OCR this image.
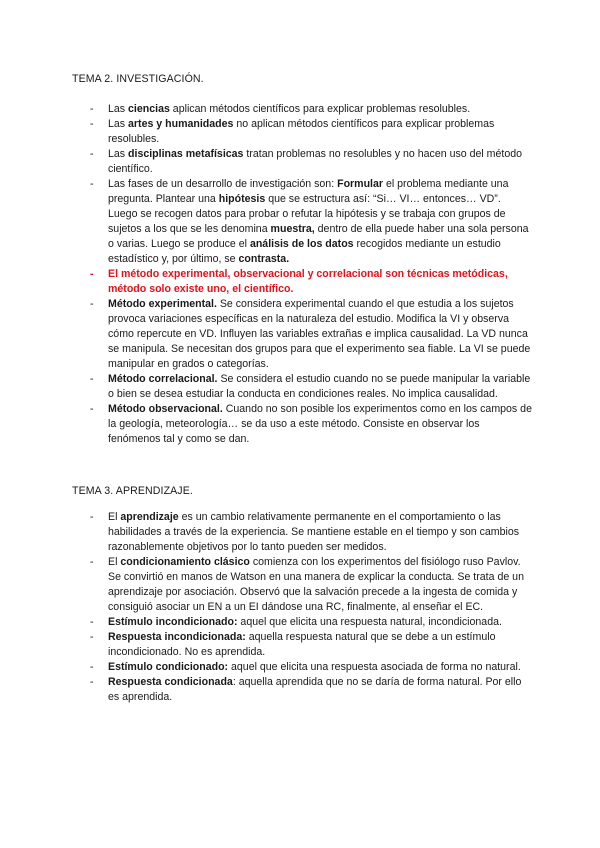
TEMA 2. INVESTIGACIÓN.
- Las ciencias aplican métodos científicos para explicar problemas resolubles.
- Las artes y humanidades no aplican métodos científicos para explicar problemas resolubles.
- Las disciplinas metafísicas tratan problemas no resolubles y no hacen uso del método científico.
- Las fases de un desarrollo de investigación son: Formular el problema mediante una pregunta. Plantear una hipótesis que se estructura así: “Si… VI… entonces… VD”. Luego se recogen datos para probar o refutar la hipótesis y se trabaja con grupos de sujetos a los que se les denomina muestra, dentro de ella puede haber una sola persona o varias. Luego se produce el análisis de los datos recogidos mediante un estudio estadístico y, por último, se contrasta.
- El método experimental, observacional y correlacional son técnicas metódicas, método solo existe uno, el científico.
- Método experimental. Se considera experimental cuando el que estudia a los sujetos provoca variaciones específicas en la naturaleza del estudio. Modifica la VI y observa cómo repercute en VD. Influyen las variables extrañas e implica causalidad. La VD nunca se manipula. Se necesitan dos grupos para que el experimento sea fiable. La VI se puede manipular en grados o categorías.
- Método correlacional. Se considera el estudio cuando no se puede manipular la variable o bien se desea estudiar la conducta en condiciones reales. No implica causalidad.
- Método observacional. Cuando no son posible los experimentos como en los campos de la geología, meteorología… se da uso a este método. Consiste en observar los fenómenos tal y como se dan.
TEMA 3. APRENDIZAJE.
- El aprendizaje es un cambio relativamente permanente en el comportamiento o las habilidades a través de la experiencia. Se mantiene estable en el tiempo y son cambios razonablemente objetivos por lo tanto pueden ser medidos.
- El condicionamiento clásico comienza con los experimentos del fisiólogo ruso Pavlov. Se convirtió en manos de Watson en una manera de explicar la conducta. Se trata de un aprendizaje por asociación. Observó que la salvación precede a la ingesta de comida y consiguió asociar un EN a un EI dándose una RC, finalmente, al enseñar el EC.
- Estímulo incondicionado: aquel que elicita una respuesta natural, incondicionada.
- Respuesta incondicionada: aquella respuesta natural que se debe a un estímulo incondicionado. No es aprendida.
- Estímulo condicionado: aquel que elicita una respuesta asociada de forma no natural.
- Respuesta condicionada: aquella aprendida que no se daría de forma natural. Por ello es aprendida.
